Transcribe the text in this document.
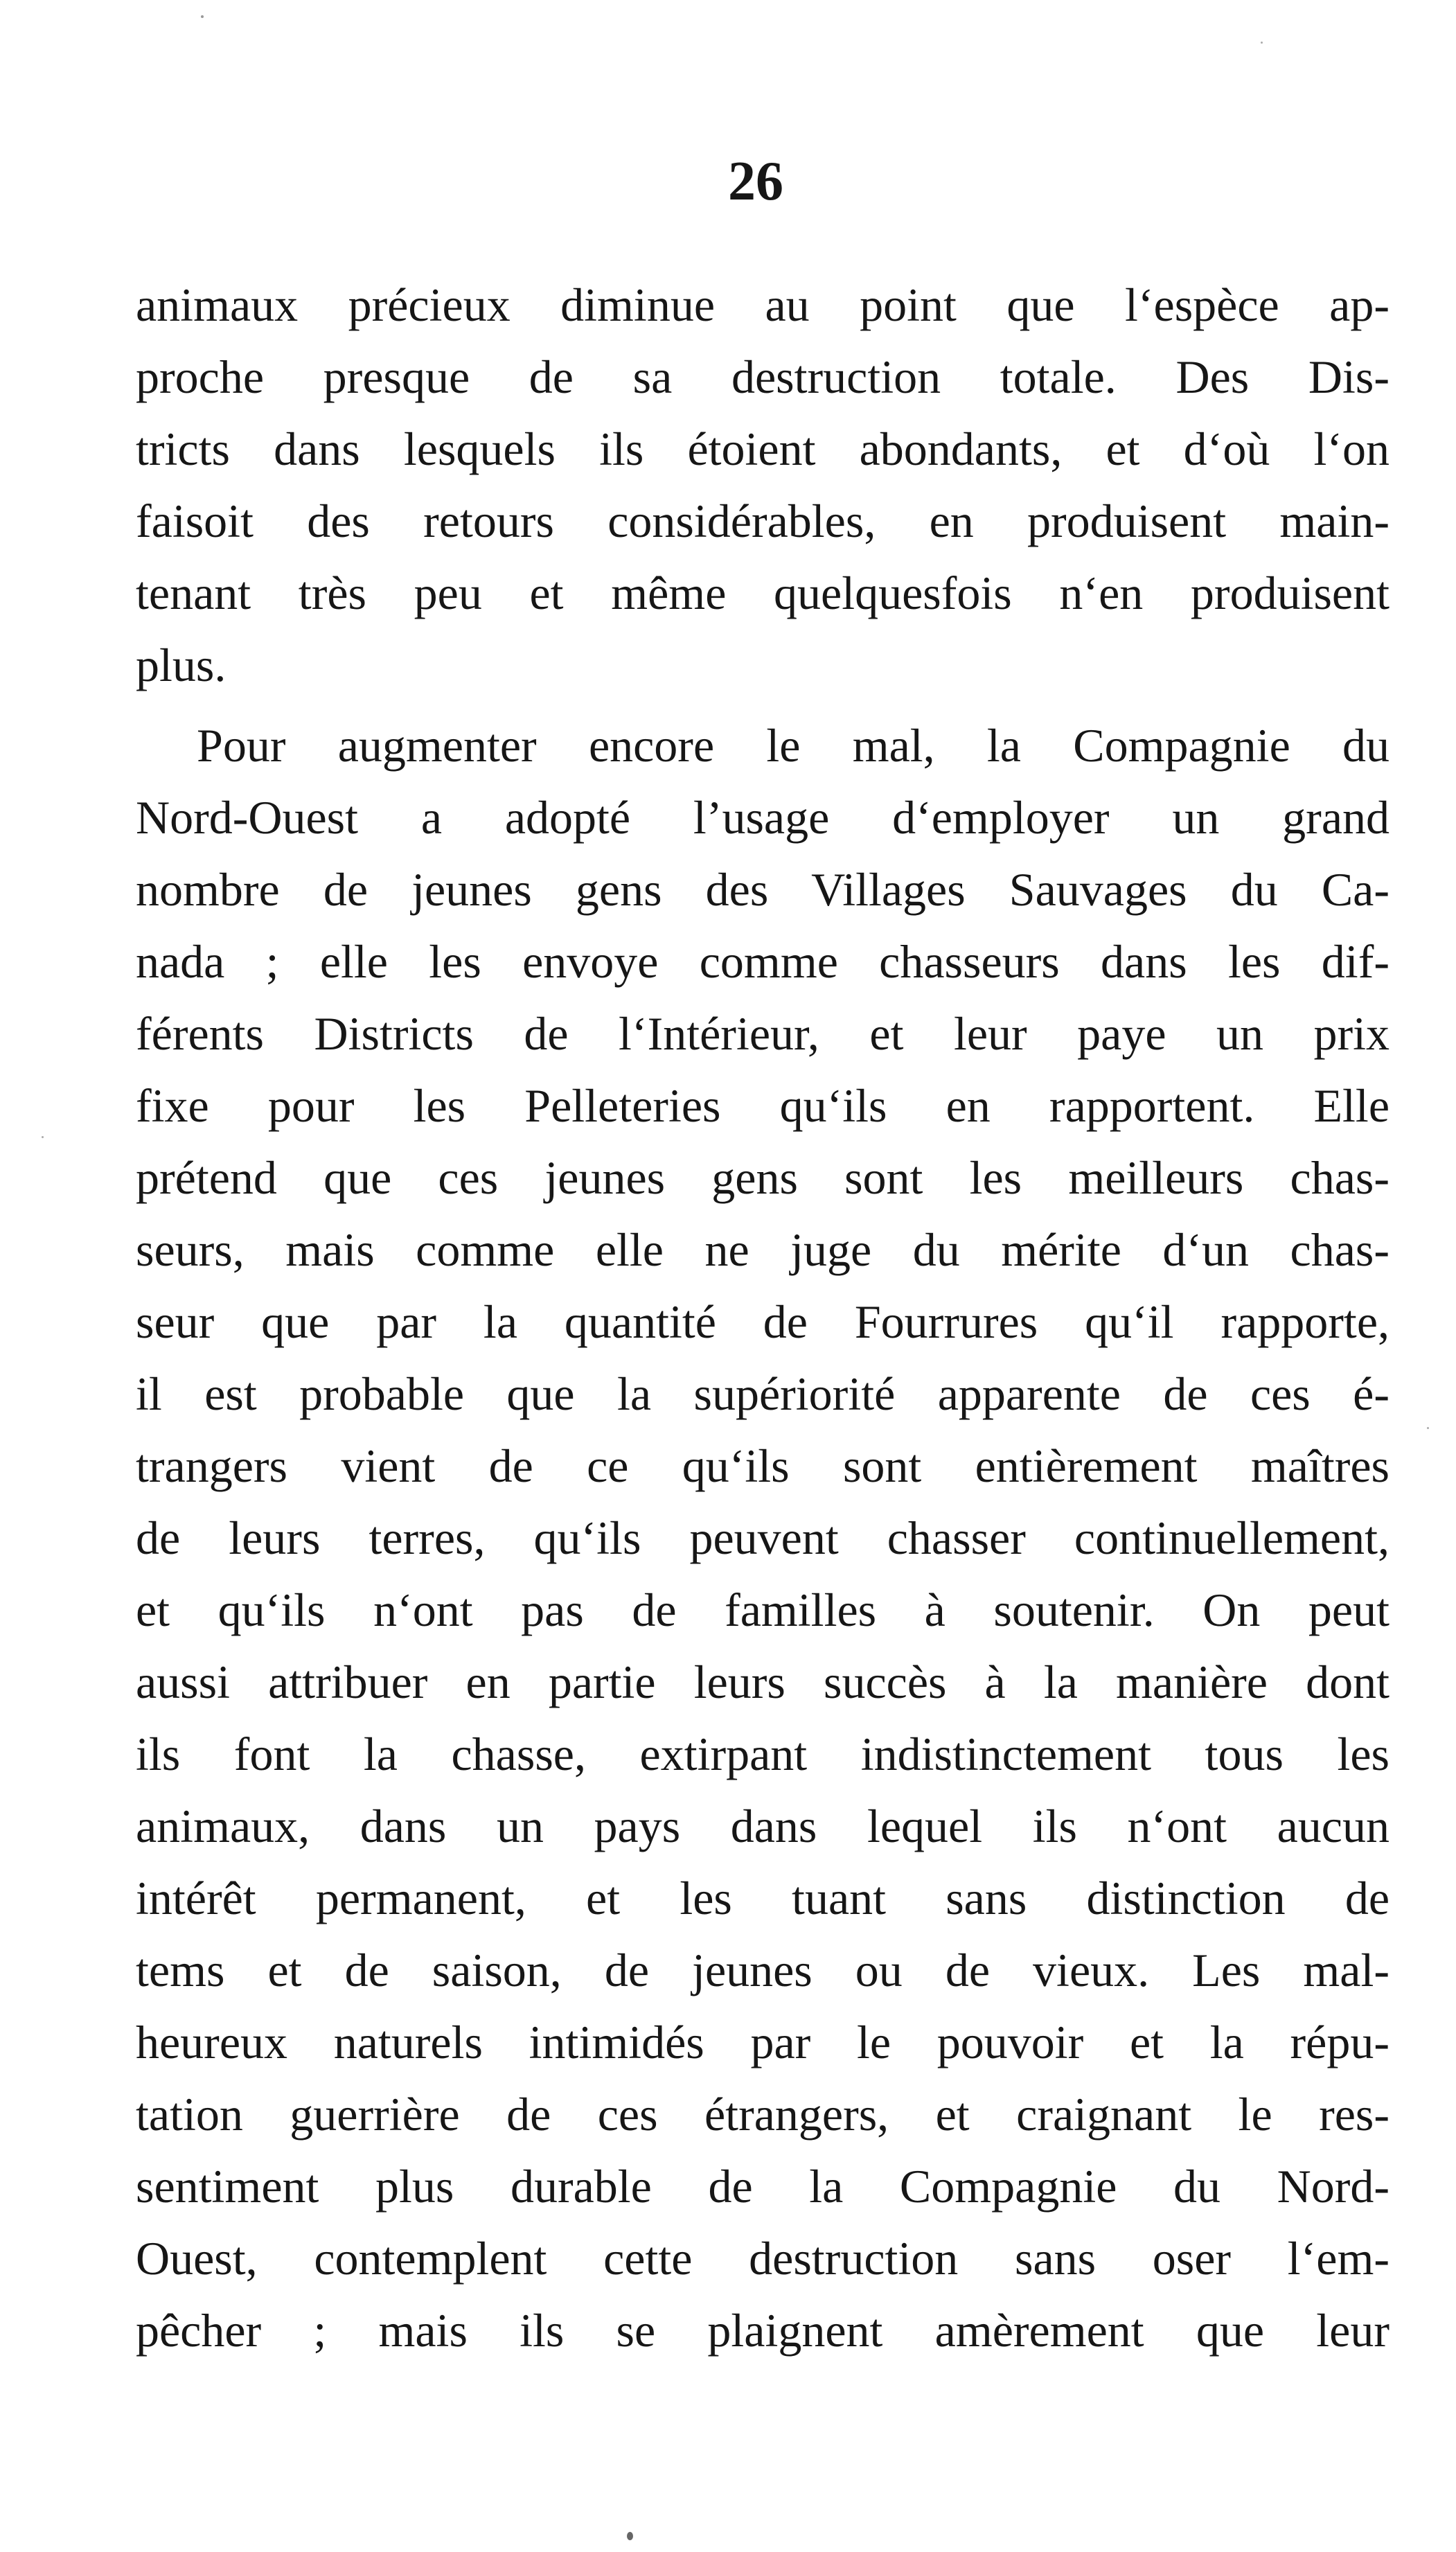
26
animaux précieux diminue au point que l‘espèce ap-
proche presque de sa destruction totale. Des Dis-
tricts dans lesquels ils étoient abondants, et d‘où l‘on
faisoit des retours considérables, en produisent main-
tenant très peu et même quelquesfois n‘en produisent
plus.
Pour augmenter encore le mal, la Compagnie du
Nord-Ouest a adopté l’usage d‘employer un grand
nombre de jeunes gens des Villages Sauvages du Ca-
nada ; elle les envoye comme chasseurs dans les dif-
férents Districts de l‘Intérieur, et leur paye un prix
fixe pour les Pelleteries qu‘ils en rapportent. Elle
prétend que ces jeunes gens sont les meilleurs chas-
seurs, mais comme elle ne juge du mérite d‘un chas-
seur que par la quantité de Fourrures qu‘il rapporte,
il est probable que la supériorité apparente de ces é-
trangers vient de ce qu‘ils sont entièrement maîtres
de leurs terres, qu‘ils peuvent chasser continuellement,
et qu‘ils n‘ont pas de familles à soutenir. On peut
aussi attribuer en partie leurs succès à la manière dont
ils font la chasse, extirpant indistinctement tous les
animaux, dans un pays dans lequel ils n‘ont aucun
intérêt permanent, et les tuant sans distinction de
tems et de saison, de jeunes ou de vieux. Les mal-
heureux naturels intimidés par le pouvoir et la répu-
tation guerrière de ces étrangers, et craignant le res-
sentiment plus durable de la Compagnie du Nord-
Ouest, contemplent cette destruction sans oser l‘em-
pêcher ; mais ils se plaignent amèrement que leur
